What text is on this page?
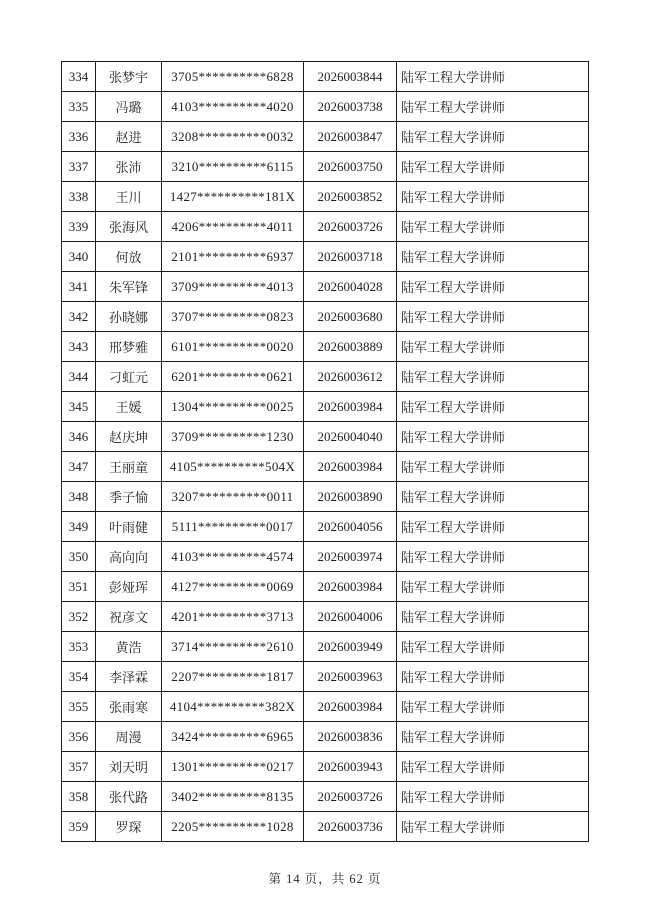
334	张梦宇	3705**********6828	2026003844	陆军工程大学讲师
335	冯璐	4103**********4020	2026003738	陆军工程大学讲师
336	赵进	3208**********0032	2026003847	陆军工程大学讲师
337	张沛	3210**********6115	2026003750	陆军工程大学讲师
338	王川	1427**********181X	2026003852	陆军工程大学讲师
339	张海风	4206**********4011	2026003726	陆军工程大学讲师
340	何放	2101**********6937	2026003718	陆军工程大学讲师
341	朱军锋	3709**********4013	2026004028	陆军工程大学讲师
342	孙晓娜	3707**********0823	2026003680	陆军工程大学讲师
343	邢梦雅	6101**********0020	2026003889	陆军工程大学讲师
344	刁虹元	6201**********0621	2026003612	陆军工程大学讲师
345	王媛	1304**********0025	2026003984	陆军工程大学讲师
346	赵庆坤	3709**********1230	2026004040	陆军工程大学讲师
347	王丽童	4105**********504X	2026003984	陆军工程大学讲师
348	季子愉	3207**********0011	2026003890	陆军工程大学讲师
349	叶雨健	5111**********0017	2026004056	陆军工程大学讲师
350	高向向	4103**********4574	2026003974	陆军工程大学讲师
351	彭娅珲	4127**********0069	2026003984	陆军工程大学讲师
352	祝彦文	4201**********3713	2026004006	陆军工程大学讲师
353	黄浩	3714**********2610	2026003949	陆军工程大学讲师
354	李泽霖	2207**********1817	2026003963	陆军工程大学讲师
355	张雨寒	4104**********382X	2026003984	陆军工程大学讲师
356	周漫	3424**********6965	2026003836	陆军工程大学讲师
357	刘天明	1301**********0217	2026003943	陆军工程大学讲师
358	张代路	3402**********8135	2026003726	陆军工程大学讲师
359	罗琛	2205**********1028	2026003736	陆军工程大学讲师
第 14 页，共 62 页
